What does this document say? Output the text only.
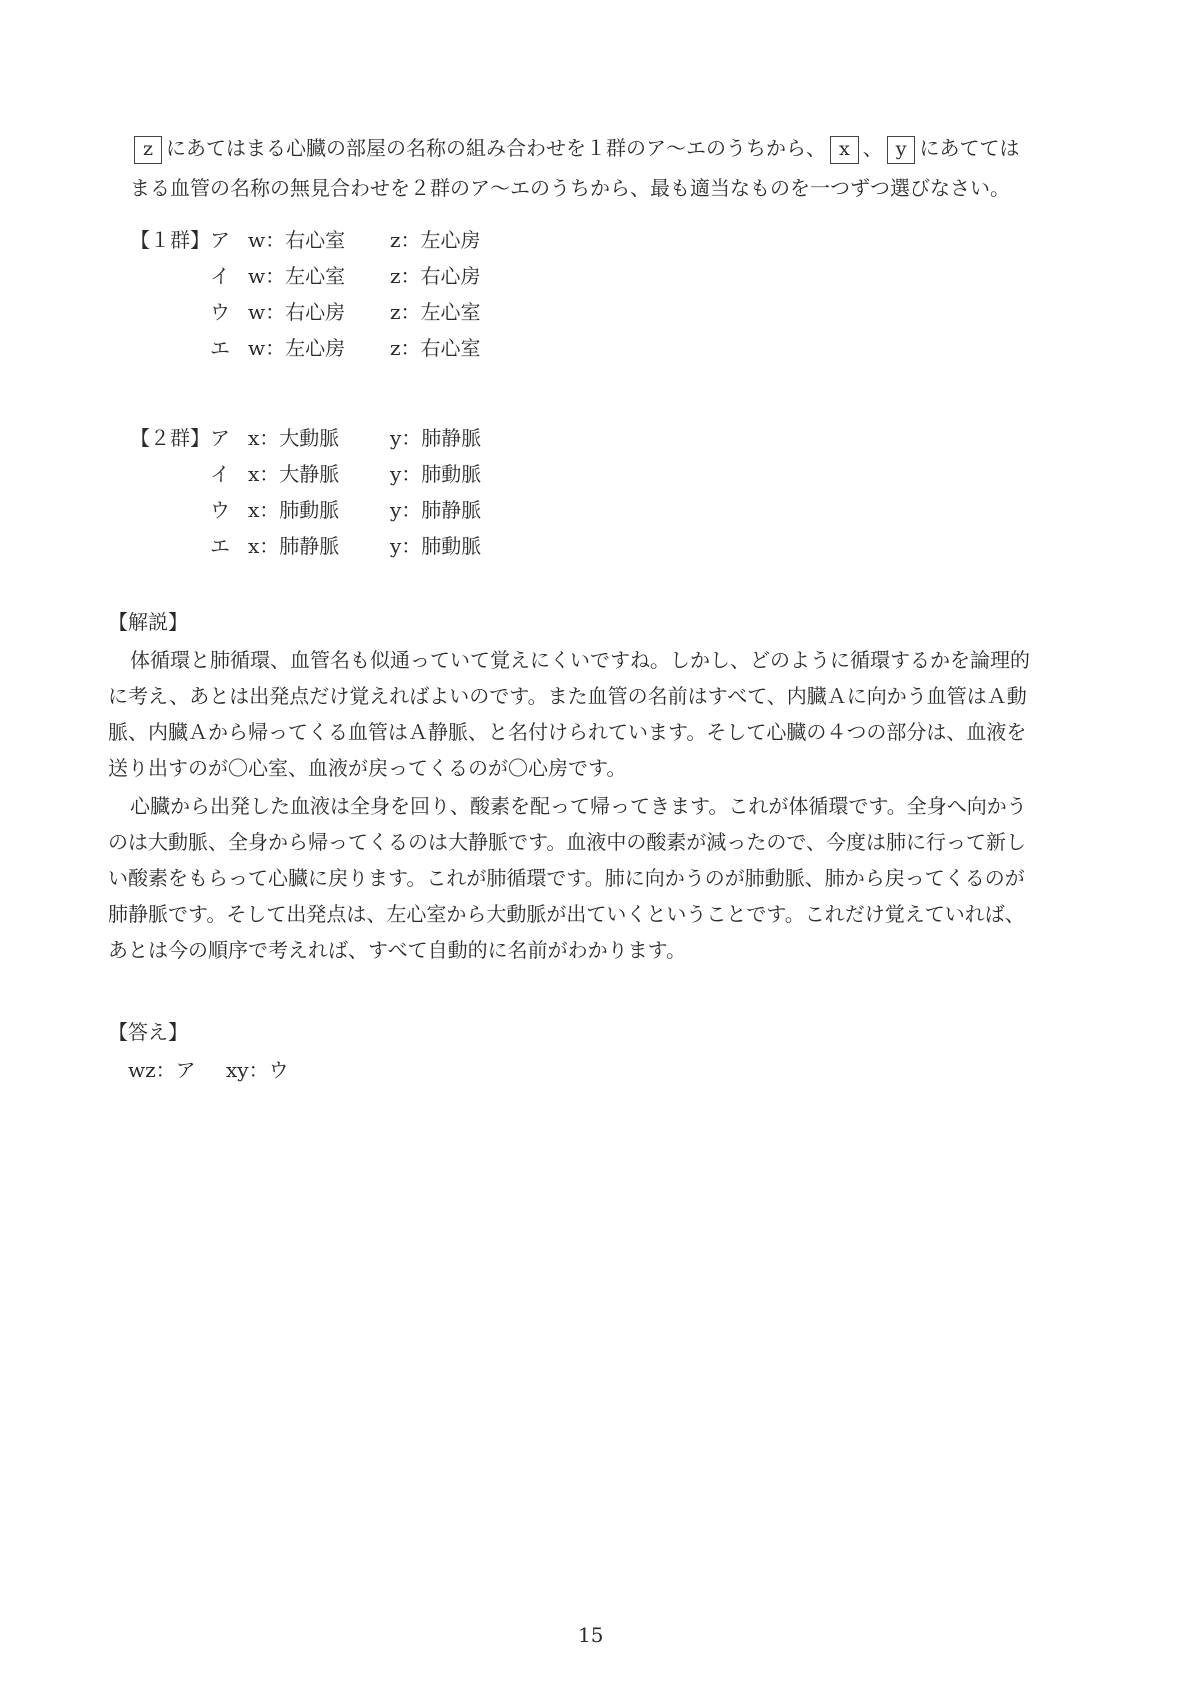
z にあてはまる心臓の部屋の名称の組み合わせを１群のア～エのうちから、 x 、 y にあてては
まる血管の名称の無見合わせを２群のア～エのうちから、最も適当なものを一つずつ選びなさい。
【１群】 ア w：右心室 z：左心房
イ w：左心室 z：右心房
ウ w：右心房 z：左心室
エ w：左心房 z：右心室
【２群】 ア x：大動脈	y：肺静脈
イ x：大静脈	y：肺動脈
ウ x：肺動脈	y：肺静脈
エ x：肺静脈	y：肺動脈
【解説】
体循環と肺循環、血管名も似通っていて覚えにくいですね。しかし、どのように循環するかを論理的
に考え、あとは出発点だけ覚えればよいのです。また血管の名前はすべて、内臓Ａに向かう血管はＡ動
脈、内臓Ａから帰ってくる血管はＡ静脈、と名付けられています。そして心臓の４つの部分は、血液を
送り出すのが〇心室、血液が戻ってくるのが〇心房です。
心臓から出発した血液は全身を回り、酸素を配って帰ってきます。これが体循環です。全身へ向かう
のは大動脈、全身から帰ってくるのは大静脈です。血液中の酸素が減ったので、今度は肺に行って新し
い酸素をもらって心臓に戻ります。これが肺循環です。肺に向かうのが肺動脈、肺から戻ってくるのが
肺静脈です。そして出発点は、左心室から大動脈が出ていくということです。これだけ覚えていれば、
あとは今の順序で考えれば、すべて自動的に名前がわかります。
【答え】
wz：ア xy：ウ
15
